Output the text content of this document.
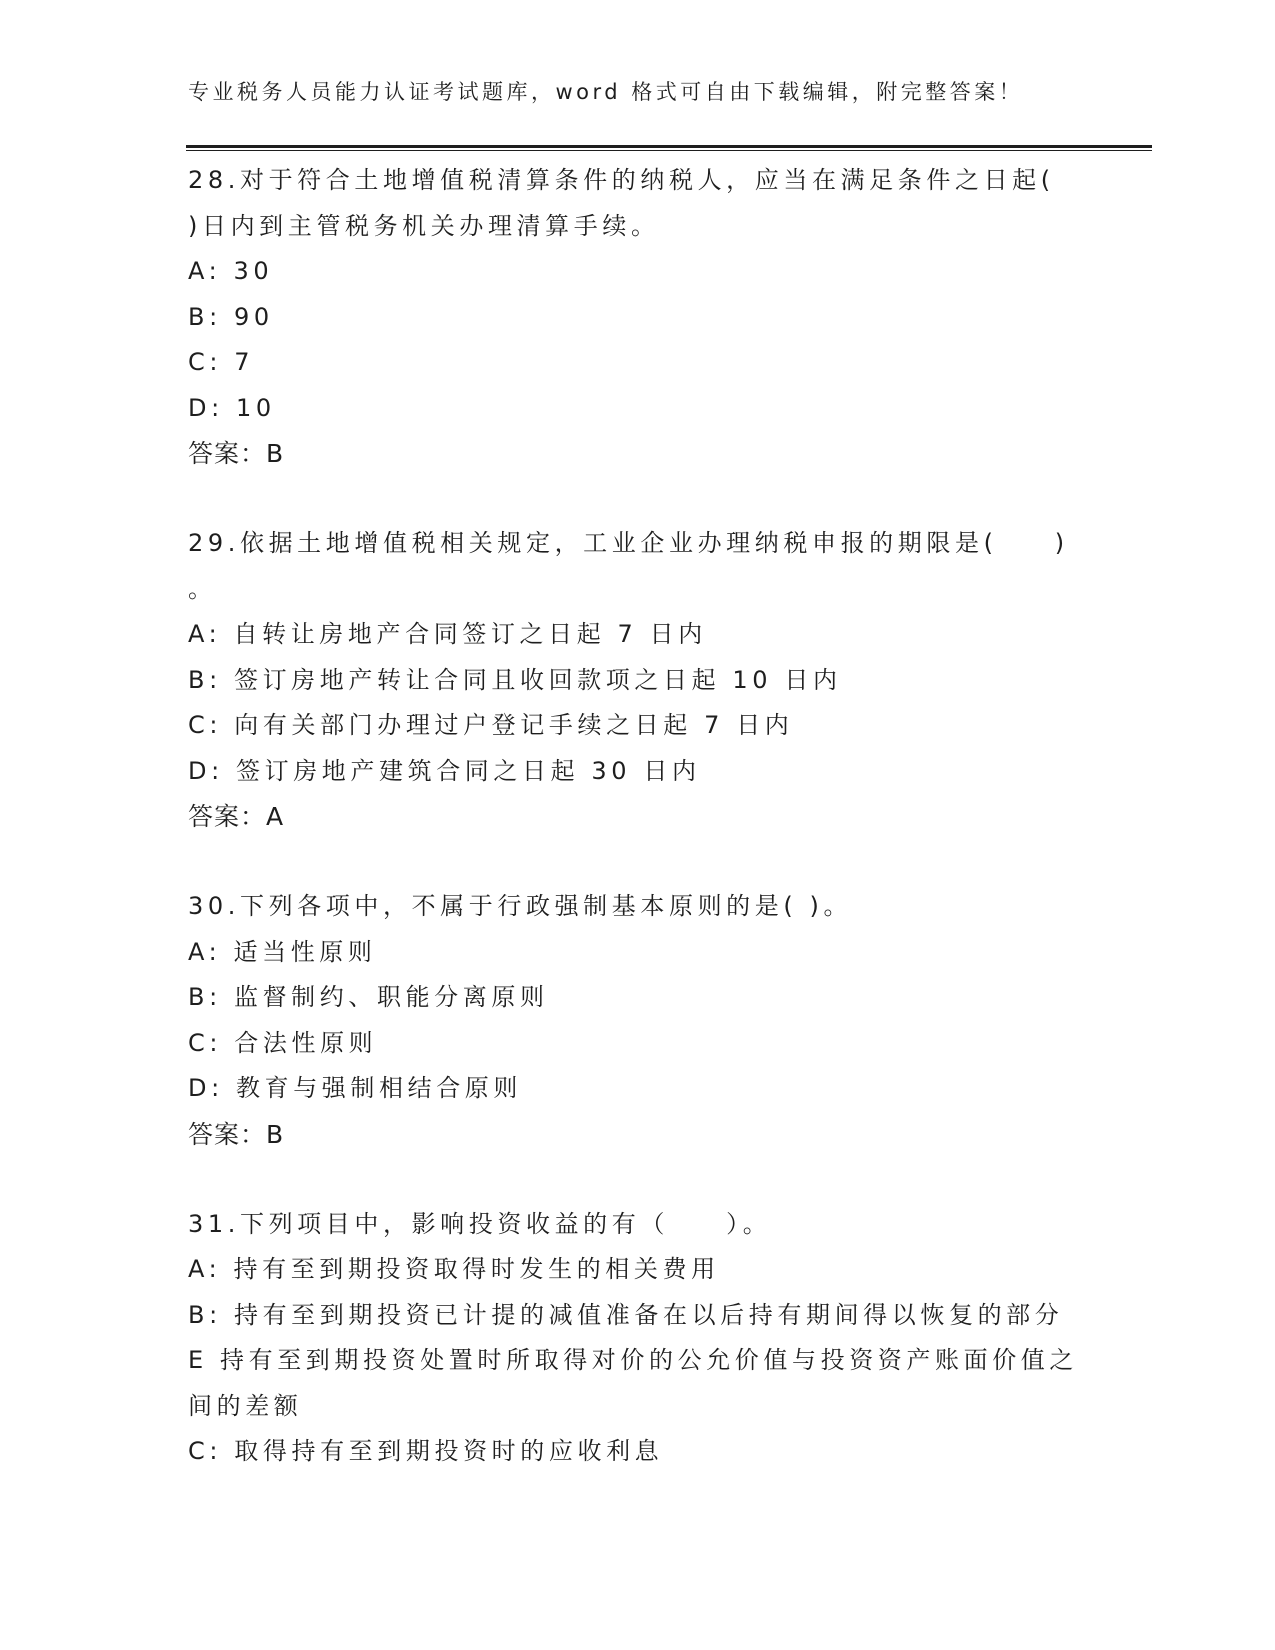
专业税务人员能力认证考试题库，word 格式可自由下载编辑，附完整答案！
28.对于符合土地增值税清算条件的纳税人，应当在满足条件之日起(
)日内到主管税务机关办理清算手续。
A: 30
B: 90
C: 7
D: 10
答案：B
29.依据土地增值税相关规定，工业企业办理纳税申报的期限是(　　)
。
A: 自转让房地产合同签订之日起 7 日内
B: 签订房地产转让合同且收回款项之日起 10 日内
C: 向有关部门办理过户登记手续之日起 7 日内
D: 签订房地产建筑合同之日起 30 日内
答案：A
30.下列各项中，不属于行政强制基本原则的是( )。
A: 适当性原则
B: 监督制约、职能分离原则
C: 合法性原则
D: 教育与强制相结合原则
答案：B
31.下列项目中，影响投资收益的有（　　）。
A: 持有至到期投资取得时发生的相关费用
B: 持有至到期投资已计提的减值准备在以后持有期间得以恢复的部分
E 持有至到期投资处置时所取得对价的公允价值与投资资产账面价值之
间的差额
C: 取得持有至到期投资时的应收利息
